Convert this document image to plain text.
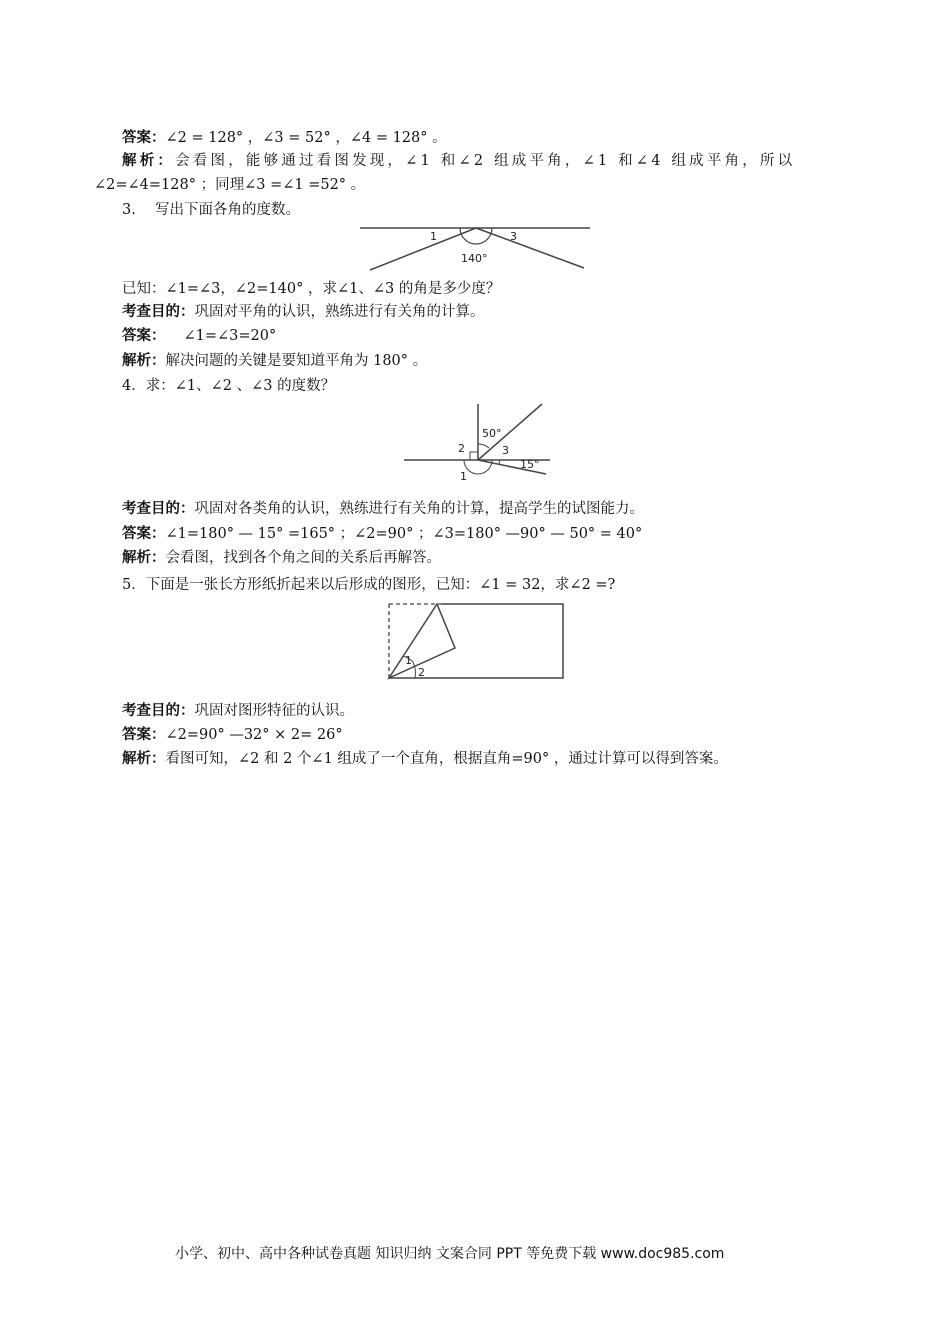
答案：∠2 = 128° ，∠3 = 52° ，∠4 = 128° 。
解析：会看图，能够通过看图发现，∠1 和∠2 组成平角，∠1 和∠4 组成平角，所以
∠2=∠4=128° ；同理∠3 =∠1 =52° 。
3.　 写出下面各角的度数。
1	3
140°
已知：∠1=∠3，∠2=140° ，求∠1、∠3 的角是多少度？
考查目的：巩固对平角的认识，熟练进行有关角的计算。
答案： ∠1=∠3=20°
解析：解决问题的关键是要知道平角为 180° 。
4．求：∠1、∠2 、∠3 的度数？
50°
2	3
15°
1
考查目的：巩固对各类角的认识，熟练进行有关角的计算，提高学生的试图能力。
答案：∠1=180° — 15° =165° ；∠2=90° ；∠3=180° —90° — 50° = 40°
解析：会看图，找到各个角之间的关系后再解答。
5．下面是一张长方形纸折起来以后形成的图形，已知：∠1 = 32，求∠2 =?
1
2
考查目的：巩固对图形特征的认识。
答案：∠2=90° —32° × 2= 26°
解析：看图可知，∠2 和 2 个∠1 组成了一个直角，根据直角=90° ，通过计算可以得到答案。
小学、初中、高中各种试卷真题 知识归纳 文案合同 PPT 等免费下载 www.doc985.com
